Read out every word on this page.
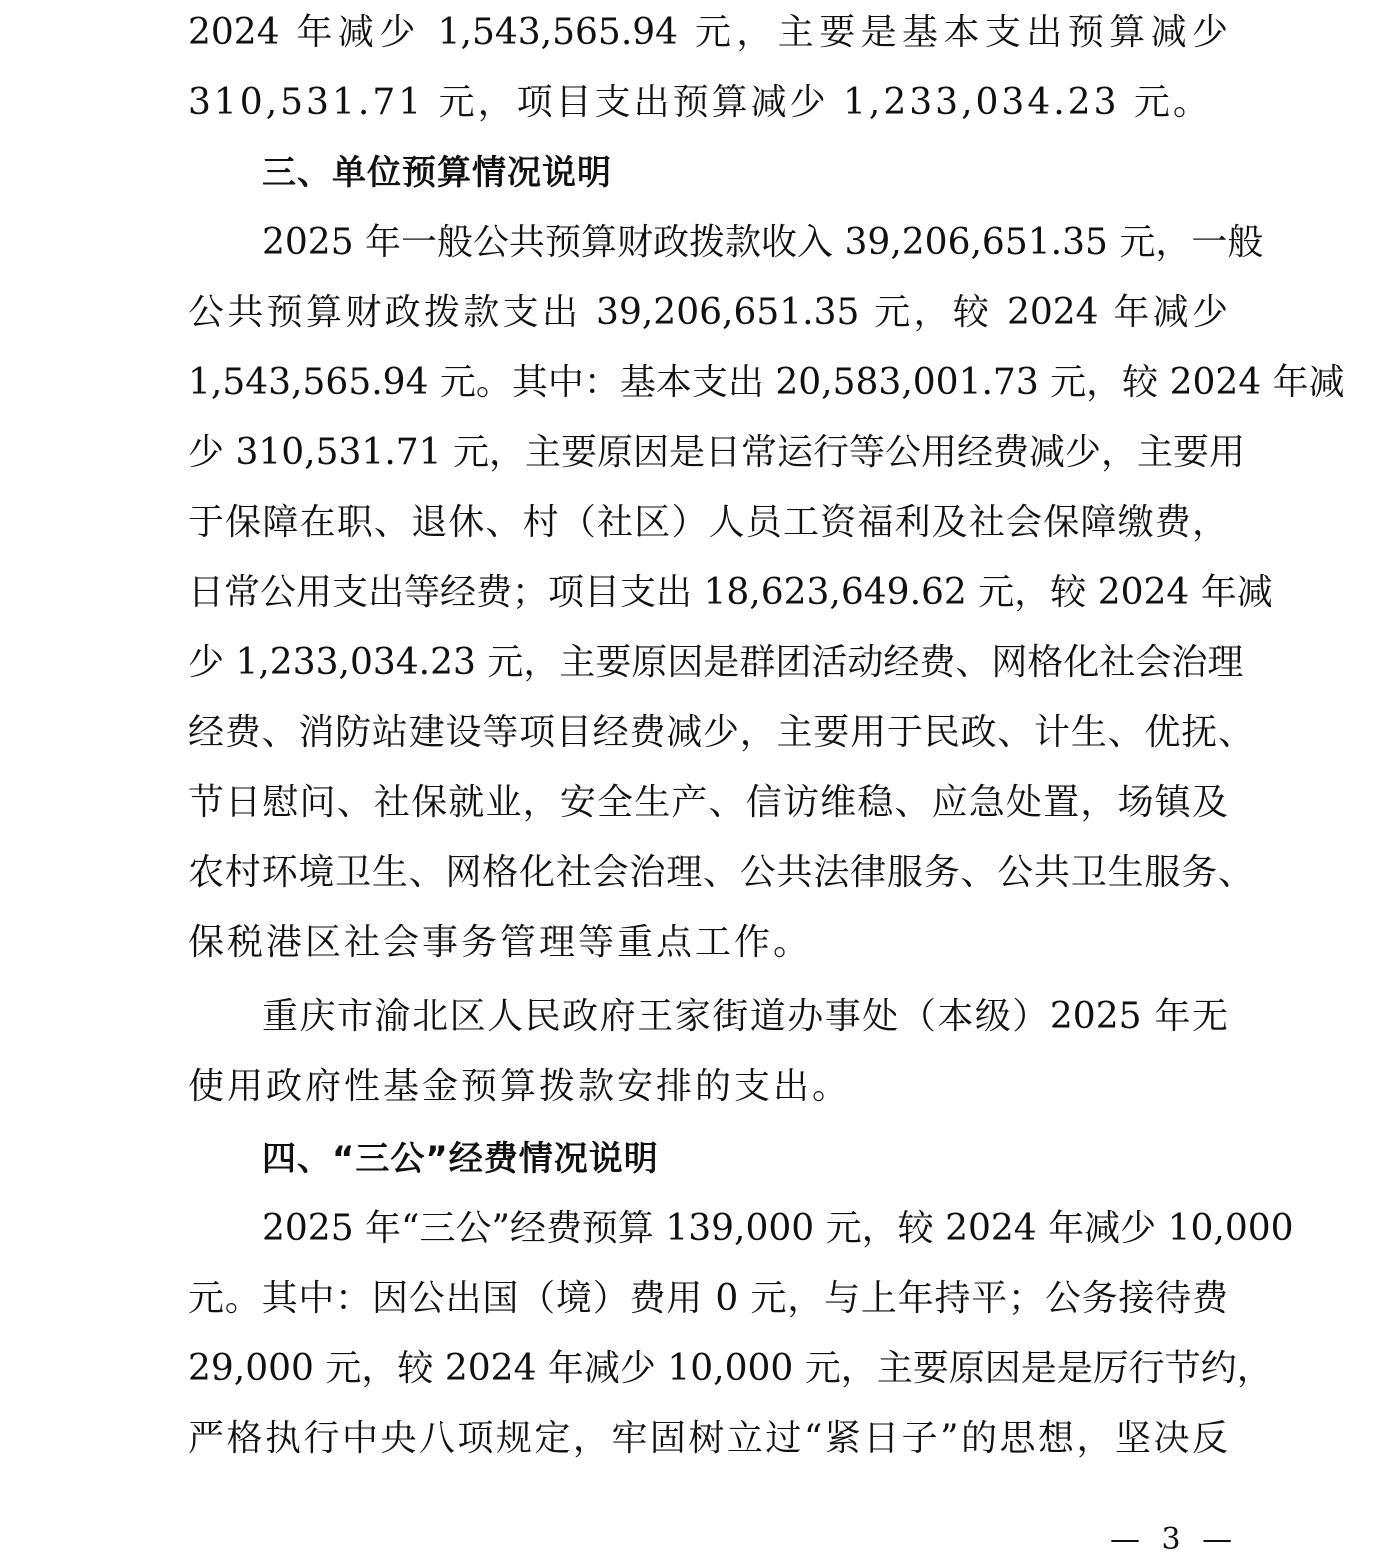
2024 年减少 1,543,565.94 元，主要是基本支出预算减少
310,531.71 元，项目支出预算减少 1,233,034.23 元。
三、单位预算情况说明
2025 年一般公共预算财政拨款收入 39,206,651.35 元，一般
公共预算财政拨款支出 39,206,651.35 元，较 2024 年减少
1,543,565.94 元。其中：基本支出 20,583,001.73 元，较 2024 年减
少 310,531.71 元，主要原因是日常运行等公用经费减少，主要用
于保障在职、退休、村（社区）人员工资福利及社会保障缴费，
日常公用支出等经费；项目支出 18,623,649.62 元，较 2024 年减
少 1,233,034.23 元，主要原因是群团活动经费、网格化社会治理
经费、消防站建设等项目经费减少，主要用于民政、计生、优抚、
节日慰问、社保就业，安全生产、信访维稳、应急处置，场镇及
农村环境卫生、网格化社会治理、公共法律服务、公共卫生服务、
保税港区社会事务管理等重点工作。
重庆市渝北区人民政府王家街道办事处（本级）2025 年无
使用政府性基金预算拨款安排的支出。
四、“三公”经费情况说明
2025 年“三公”经费预算 139,000 元，较 2024 年减少 10,000
元。其中：因公出国（境）费用 0 元，与上年持平；公务接待费
29,000 元，较 2024 年减少 10,000 元，主要原因是是厉行节约，
严格执行中央八项规定，牢固树立过“紧日子”的思想，坚决反
— 3 —
